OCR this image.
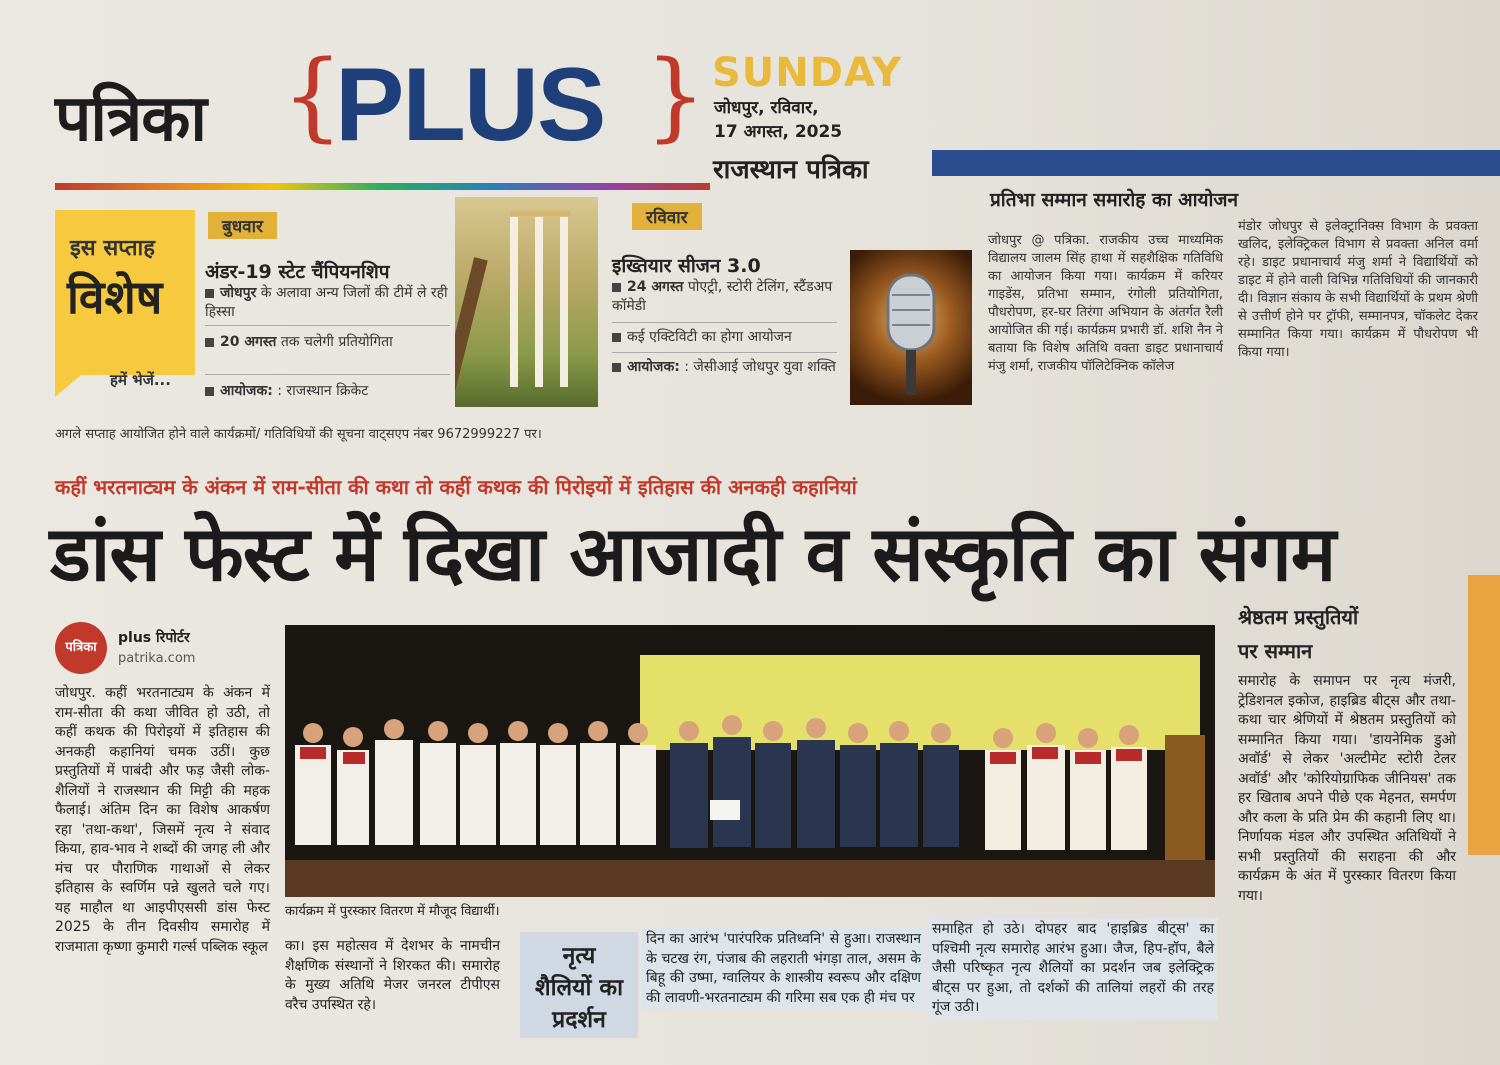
पत्रिका {
PLUS } SUNDAY
जोधपुर, रविवार,
17 अगस्त, 2025
राजस्थान पत्रिका
इस सप्ताह
विशेष
हमें भेजें...
बुधवार
अंडर-19 स्टेट चैंपियनशिप
जोधपुर के अलावा अन्य जिलों की टीमें ले रही हिस्सा
20 अगस्त तक चलेगी प्रतियोगिता
आयोजक: : राजस्थान क्रिकेट
रविवार
इख्तियार सीजन 3.0
24 अगस्त पोएट्री, स्टोरी टेलिंग, स्टैंडअप कॉमेडी
कई एक्टिविटी का होगा आयोजन
आयोजक: : जेसीआई जोधपुर युवा शक्ति
अगले सप्ताह आयोजित होने वाले कार्यक्रमों/ गतिविधियों की सूचना वाट्सएप नंबर 9672999227 पर।
प्रतिभा सम्मान समारोह का आयोजन
जोधपुर @ पत्रिका. राजकीय उच्च माध्यमिक विद्यालय जालम सिंह हाथा में सहशैक्षिक गतिविधि का आयोजन किया गया। कार्यक्रम में करियर गाइडेंस, प्रतिभा सम्मान, रंगोली प्रतियोगिता, पौधरोपण, हर-घर तिरंगा अभियान के अंतर्गत रैली आयोजित की गई। कार्यक्रम प्रभारी डॉ. शशि नैन ने बताया कि विशेष अतिथि वक्ता डाइट प्रधानाचार्य मंजु शर्मा, राजकीय पॉलिटेक्निक कॉलेज
मंडोर जोधपुर से इलेक्ट्रानिक्स विभाग के प्रवक्ता खलिद, इलेक्ट्रिकल विभाग से प्रवक्ता अनिल वर्मा रहे। डाइट प्रधानाचार्य मंजु शर्मा ने विद्यार्थियों को डाइट में होने वाली विभिन्न गतिविधियों की जानकारी दी। विज्ञान संकाय के सभी विद्यार्थियों के प्रथम श्रेणी से उत्तीर्ण होने पर ट्रॉफी, सम्मानपत्र, चॉकलेट देकर सम्मानित किया गया। कार्यक्रम में पौधरोपण भी किया गया।
कहीं भरतनाट्यम के अंकन में राम-सीता की कथा तो कहीं कथक की पिरोइयों में इतिहास की अनकही कहानियां
डांस फेस्ट में दिखा आजादी व संस्कृति का संगम
पत्रिका
plus रिपोर्टर
patrika.com
जोधपुर. कहीं भरतनाट्यम के अंकन में राम-सीता की कथा जीवित हो उठी, तो कहीं कथक की पिरोइयों में इतिहास की अनकही कहानियां चमक उठीं। कुछ प्रस्तुतियों में पाबंदी और फड़ जैसी लोक-शैलियों ने राजस्थान की मिट्टी की महक फैलाई। अंतिम दिन का विशेष आकर्षण रहा 'तथा-कथा', जिसमें नृत्य ने संवाद किया, हाव-भाव ने शब्दों की जगह ली और मंच पर पौराणिक गाथाओं से लेकर इतिहास के स्वर्णिम पन्ने खुलते चले गए। यह माहौल था आइपीएससी डांस फेस्ट 2025 के तीन दिवसीय समारोह में राजमाता कृष्णा कुमारी गर्ल्स पब्लिक स्कूल
कार्यक्रम में पुरस्कार वितरण में मौजूद विद्यार्थी।
का। इस महोत्सव में देशभर के नामचीन शैक्षणिक संस्थानों ने शिरकत की। समारोह के मुख्य अतिथि मेजर जनरल टीपीएस वरैच उपस्थित रहे।
नृत्य
शैलियों का
प्रदर्शन
दिन का आरंभ 'पारंपरिक प्रतिध्वनि' से हुआ। राजस्थान के चटख रंग, पंजाब की लहराती भंगड़ा ताल, असम के बिहू की उष्मा, ग्वालियर के शास्त्रीय स्वरूप और दक्षिण की लावणी-भरतनाट्यम की गरिमा सब एक ही मंच पर
समाहित हो उठे। दोपहर बाद 'हाइब्रिड बीट्स' का पश्चिमी नृत्य समारोह आरंभ हुआ। जैज, हिप-हॉप, बैले जैसी परिष्कृत नृत्य शैलियों का प्रदर्शन जब इलेक्ट्रिक बीट्स पर हुआ, तो दर्शकों की तालियां लहरों की तरह गूंज उठी।
श्रेष्ठतम प्रस्तुतियों
पर सम्मान
समारोह के समापन पर नृत्य मंजरी, ट्रेडिशनल इकोज, हाइब्रिड बीट्स और तथा-कथा चार श्रेणियों में श्रेष्ठतम प्रस्तुतियों को सम्मानित किया गया। 'डायनेमिक डुओ अवॉर्ड' से लेकर 'अल्टीमेट स्टोरी टेलर अवॉर्ड' और 'कोरियोग्राफिक जीनियस' तक हर खिताब अपने पीछे एक मेहनत, समर्पण और कला के प्रति प्रेम की कहानी लिए था। निर्णायक मंडल और उपस्थित अतिथियों ने सभी प्रस्तुतियों की सराहना की और कार्यक्रम के अंत में पुरस्कार वितरण किया गया।
